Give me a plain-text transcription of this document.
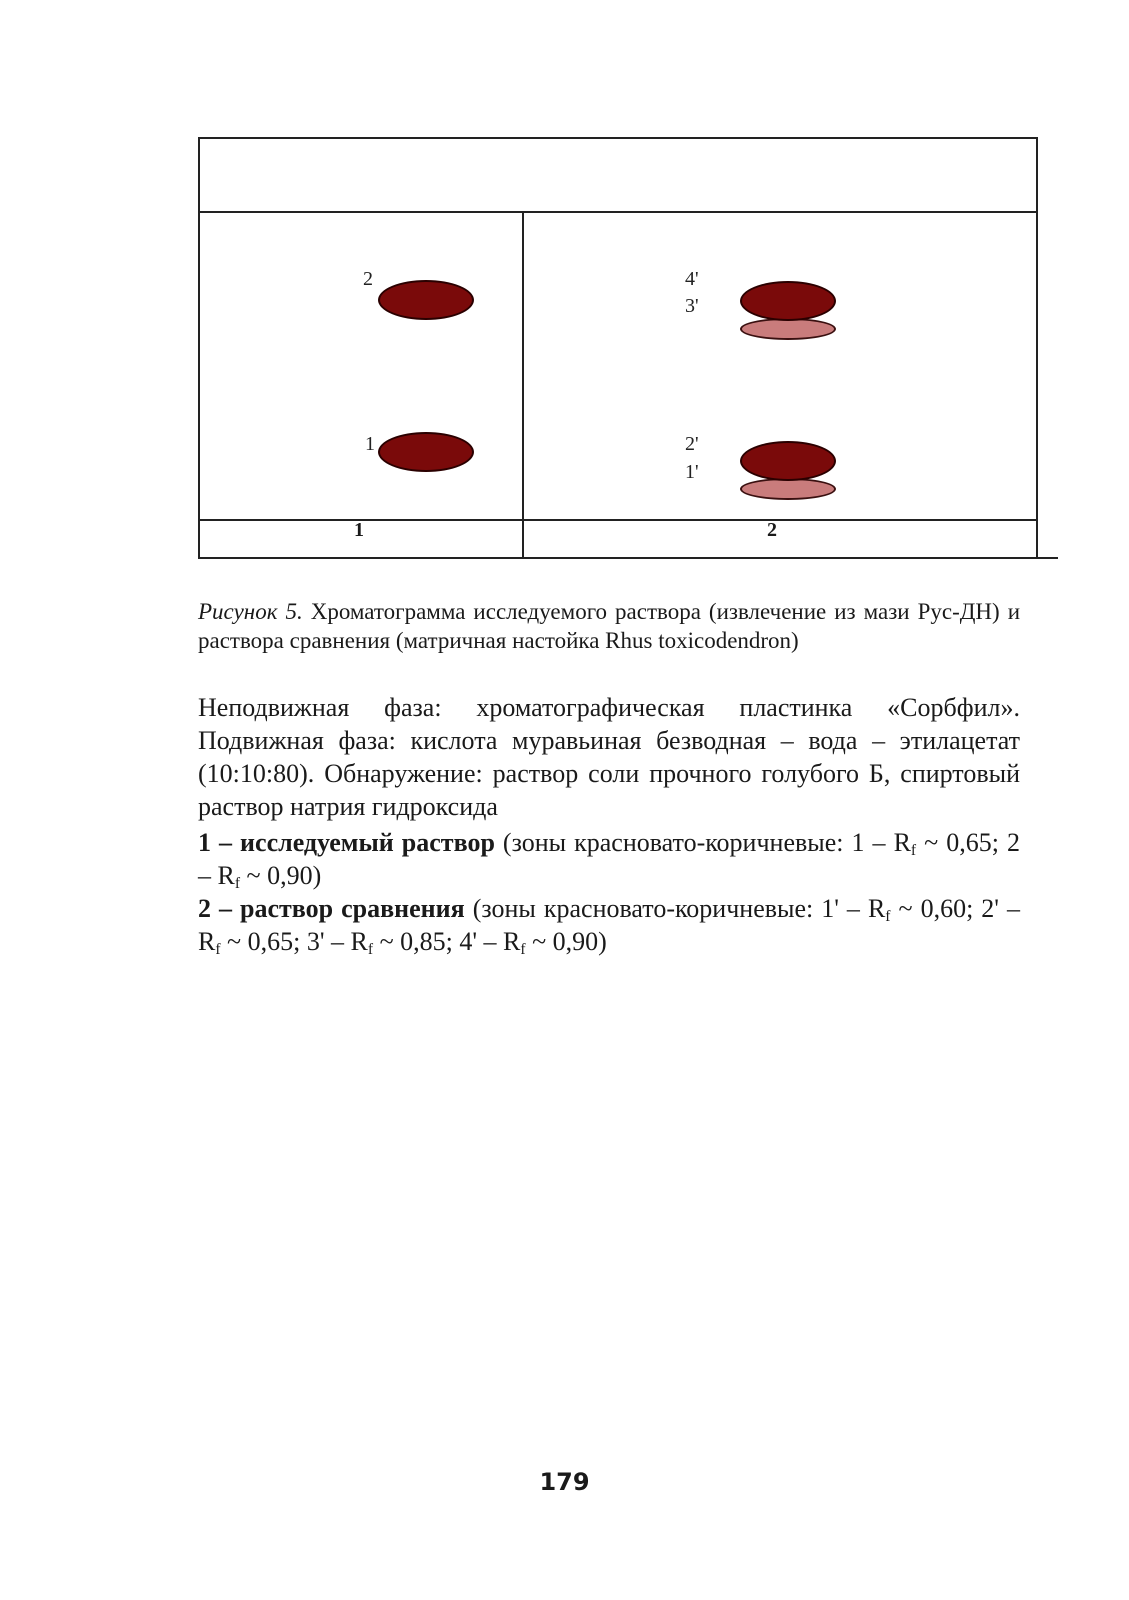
2
1
4'
3'
2'
1'
1	2
Рисунок 5. Хроматограмма исследуемого раствора (извлечение из мази Рус-ДН) и раствора сравнения (матричная настойка Rhus toxicodendron)
Неподвижная фаза: хроматографическая пластинка «Сорбфил». Подвижная фаза: кислота муравьиная безводная – вода – этилацетат (10:10:80). Обнаружение: раствор соли прочного голубого Б, спиртовый раствор натрия гидроксида
1 – исследуемый раствор (зоны красновато-коричневые: $1 - R_f$ ~ 0,65; $2 - R_f$ ~ 0,90)
2 – раствор сравнения (зоны красновато-коричневые: $1' - R_f$ ~ 0,60; $2' - R_f$ ~ 0,65; $3' - R_f$ ~ 0,85; $4' - R_f$ ~ 0,90)
179
